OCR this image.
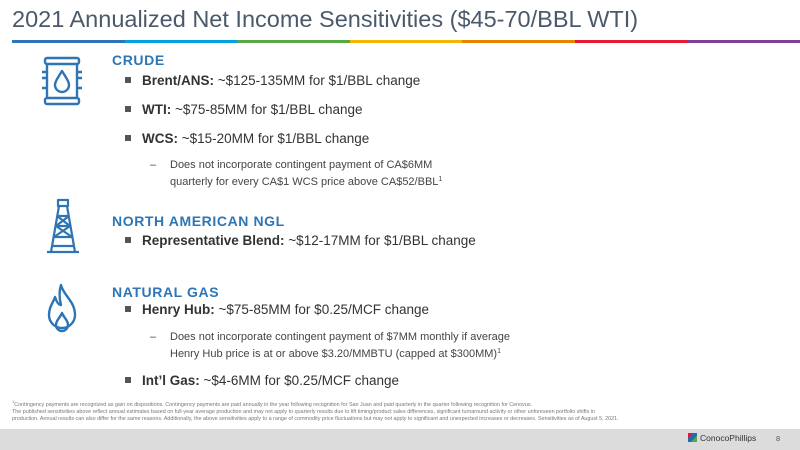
2021 Annualized Net Income Sensitivities ($45-70/BBL WTI)
CRUDE
Brent/ANS: ~$125-135MM for $1/BBL change
WTI: ~$75-85MM for $1/BBL change
WCS: ~$15-20MM for $1/BBL change
– Does not incorporate contingent payment of CA$6MM
quarterly for every CA$1 WCS price above CA$52/BBL$^1$
NORTH AMERICAN NGL
Representative Blend: ~$12-17MM for $1/BBL change
NATURAL GAS
Henry Hub: ~$75-85MM for $0.25/MCF change
– Does not incorporate contingent payment of $7MM monthly if average
Henry Hub price is at or above $3.20/MMBTU (capped at $300MM)$^1$
Int’l Gas: ~$4-6MM for $0.25/MCF change
$^1$Contingency payments are recognized as gain on dispositions. Contingency payments are paid annually in the year following recognition for San Juan and paid quarterly in the quarter following recognition for Cenovus.
The published sensitivities above reflect annual estimates based on full-year average production and may not apply to quarterly results due to lift timing/product sales differences, significant turnaround activity or other unforeseen portfolio shifts in
production. Annual results can also differ for the same reasons. Additionally, the above sensitivities apply to a range of commodity price fluctuations but may not apply to significant and unexpected increases or decreases. Sensitivities as of August 5, 2021.
ConocoPhillips	8
